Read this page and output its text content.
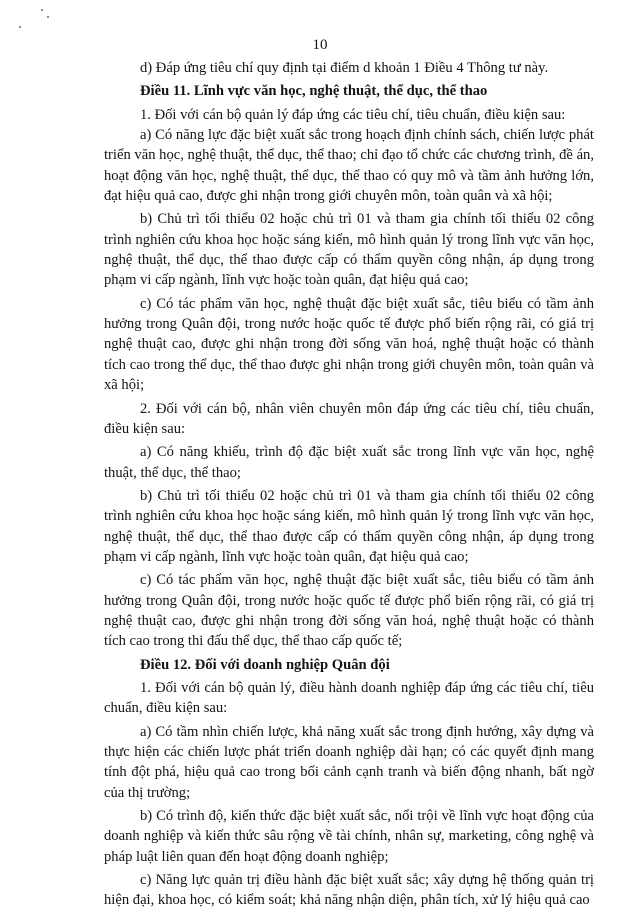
10

d) Đáp ứng tiêu chí quy định tại điểm d khoản 1 Điều 4 Thông tư này.

Điều 11. Lĩnh vực văn học, nghệ thuật, thể dục, thể thao

1. Đối với cán bộ quản lý đáp ứng các tiêu chí, tiêu chuẩn, điều kiện sau:

a) Có năng lực đặc biệt xuất sắc trong hoạch định chính sách, chiến lược phát triển văn học, nghệ thuật, thể dục, thể thao; chỉ đạo tổ chức các chương trình, đề án, hoạt động văn học, nghệ thuật, thể dục, thể thao có quy mô và tầm ảnh hưởng lớn, đạt hiệu quả cao, được ghi nhận trong giới chuyên môn, toàn quân và xã hội;

b) Chủ trì tối thiểu 02 hoặc chủ trì 01 và tham gia chính tối thiểu 02 công trình nghiên cứu khoa học hoặc sáng kiến, mô hình quản lý trong lĩnh vực văn học, nghệ thuật, thể dục, thể thao được cấp có thẩm quyền công nhận, áp dụng trong phạm vi cấp ngành, lĩnh vực hoặc toàn quân, đạt hiệu quả cao;

c) Có tác phẩm văn học, nghệ thuật đặc biệt xuất sắc, tiêu biểu có tầm ảnh hưởng trong Quân đội, trong nước hoặc quốc tế được phổ biến rộng rãi, có giá trị nghệ thuật cao, được ghi nhận trong đời sống văn hoá, nghệ thuật hoặc có thành tích cao trong thể dục, thể thao được ghi nhận trong giới chuyên môn, toàn quân và xã hội;

2. Đối với cán bộ, nhân viên chuyên môn đáp ứng các tiêu chí, tiêu chuẩn, điều kiện sau:

a) Có năng khiếu, trình độ đặc biệt xuất sắc trong lĩnh vực văn học, nghệ thuật, thể dục, thể thao;

b) Chủ trì tối thiểu 02 hoặc chủ trì 01 và tham gia chính tối thiểu 02 công trình nghiên cứu khoa học hoặc sáng kiến, mô hình quản lý trong lĩnh vực văn học, nghệ thuật, thể dục, thể thao được cấp có thẩm quyền công nhận, áp dụng trong phạm vi cấp ngành, lĩnh vực hoặc toàn quân, đạt hiệu quả cao;

c) Có tác phẩm văn học, nghệ thuật đặc biệt xuất sắc, tiêu biểu có tầm ảnh hưởng trong Quân đội, trong nước hoặc quốc tế được phổ biến rộng rãi, có giá trị nghệ thuật cao, được ghi nhận trong đời sống văn hoá, nghệ thuật hoặc có thành tích cao trong thi đấu thể dục, thể thao cấp quốc tế;

Điều 12. Đối với doanh nghiệp Quân đội

1. Đối với cán bộ quản lý, điều hành doanh nghiệp đáp ứng các tiêu chí, tiêu chuẩn, điều kiện sau:

a) Có tầm nhìn chiến lược, khả năng xuất sắc trong định hướng, xây dựng và thực hiện các chiến lược phát triển doanh nghiệp dài hạn; có các quyết định mang tính đột phá, hiệu quả cao trong bối cảnh cạnh tranh và biến động nhanh, bất ngờ của thị trường;

b) Có trình độ, kiến thức đặc biệt xuất sắc, nổi trội về lĩnh vực hoạt động của doanh nghiệp và kiến thức sâu rộng về tài chính, nhân sự, marketing, công nghệ và pháp luật liên quan đến hoạt động doanh nghiệp;

c) Năng lực quản trị điều hành đặc biệt xuất sắc; xây dựng hệ thống quản trị hiện đại, khoa học, có kiểm soát; khả năng nhận diện, phân tích, xử lý hiệu quả cao
